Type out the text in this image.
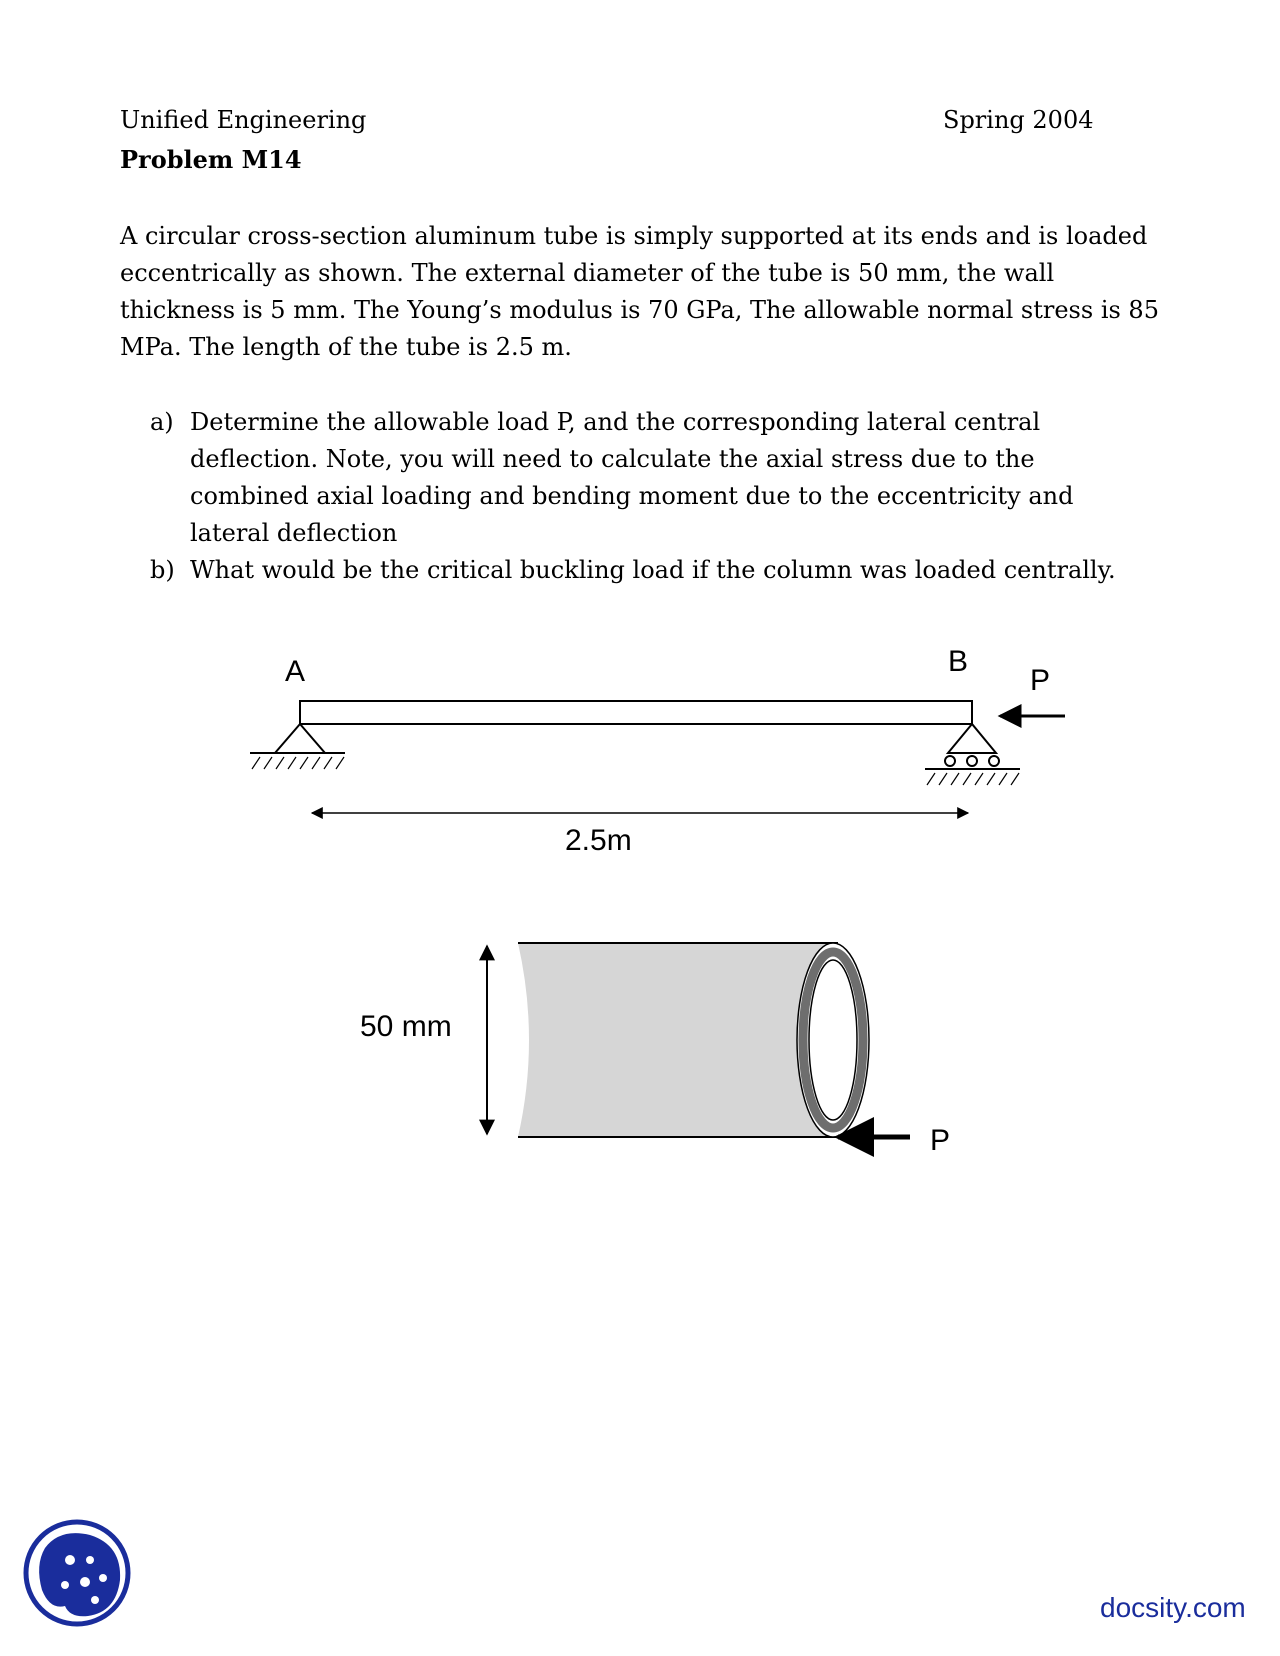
Unified Engineering	Spring 2004
Problem M14
A circular cross-section aluminum tube is simply supported at its ends and is loaded eccentrically as shown. The external diameter of the tube is 50 mm, the wall thickness is 5 mm. The Young’s modulus is 70 GPa, The allowable normal stress is 85 MPa. The length of the tube is 2.5 m.
a) Determine the allowable load P, and the corresponding lateral central deflection. Note, you will need to calculate the axial stress due to the combined axial loading and bending moment due to the eccentricity and lateral deflection
b) What would be the critical buckling load if the column was loaded centrally.
A	B
P
2.5m
50 mm
P
docsity.com
